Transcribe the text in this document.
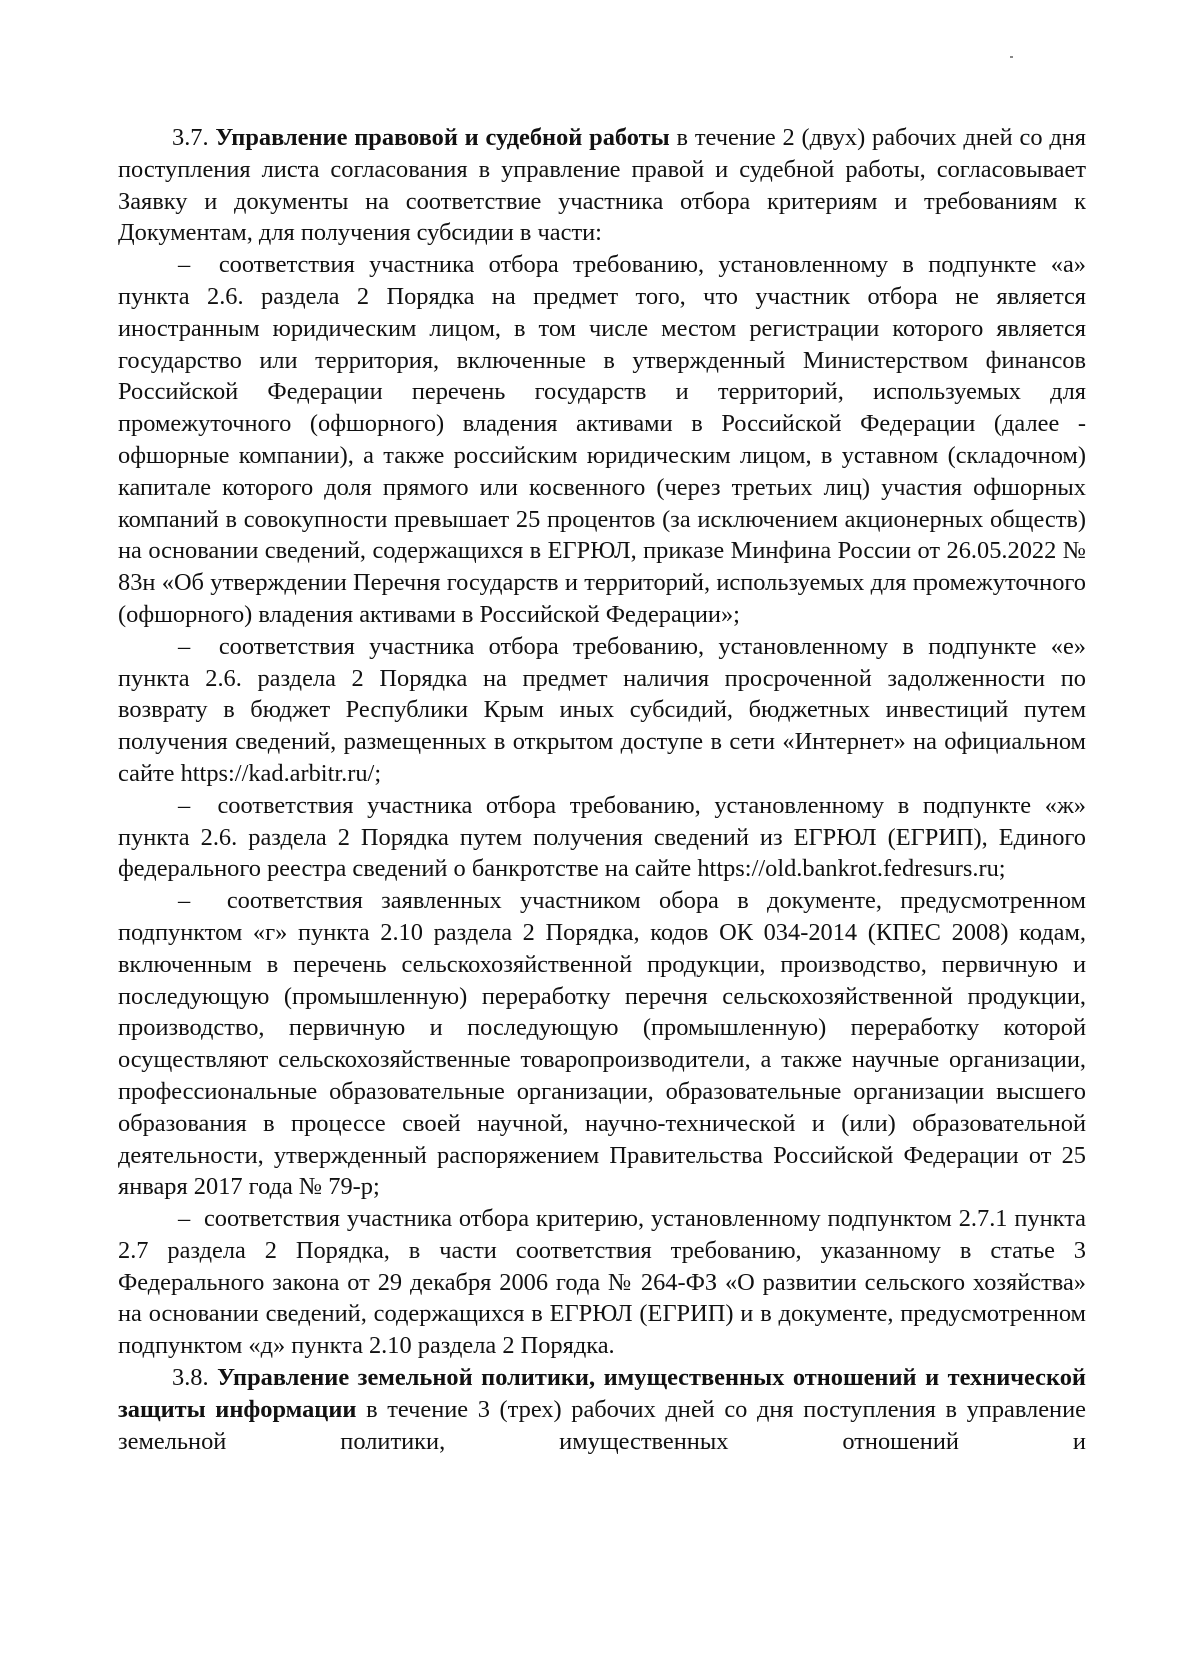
3.7. Управление правовой и судебной работы в течение 2 (двух) рабочих дней со дня поступления листа согласования в управление правой и судебной работы, согласовывает Заявку и документы на соответствие участника отбора критериям и требованиям к Документам, для получения субсидии в части:

– соответствия участника отбора требованию, установленному в подпункте «а» пункта 2.6. раздела 2 Порядка на предмет того, что участник отбора не является иностранным юридическим лицом, в том числе местом регистрации которого является государство или территория, включенные в утвержденный Министерством финансов Российской Федерации перечень государств и территорий, используемых для промежуточного (офшорного) владения активами в Российской Федерации (далее - офшорные компании), а также российским юридическим лицом, в уставном (складочном) капитале которого доля прямого или косвенного (через третьих лиц) участия офшорных компаний в совокупности превышает 25 процентов (за исключением акционерных обществ) на основании сведений, содержащихся в ЕГРЮЛ, приказе Минфина России от 26.05.2022 № 83н «Об утверждении Перечня государств и территорий, используемых для промежуточного (офшорного) владения активами в Российской Федерации»;

– соответствия участника отбора требованию, установленному в подпункте «е» пункта 2.6. раздела 2 Порядка на предмет наличия просроченной задолженности по возврату в бюджет Республики Крым иных субсидий, бюджетных инвестиций путем получения сведений, размещенных в открытом доступе в сети «Интернет» на официальном сайте https://kad.arbitr.ru/;

– соответствия участника отбора требованию, установленному в подпункте «ж» пункта 2.6. раздела 2 Порядка путем получения сведений из ЕГРЮЛ (ЕГРИП), Единого федерального реестра сведений о банкротстве на сайте https://old.bankrot.fedresurs.ru;

– соответствия заявленных участником обора в документе, предусмотренном подпунктом «г» пункта 2.10 раздела 2 Порядка, кодов ОК 034-2014 (КПЕС 2008) кодам, включенным в перечень сельскохозяйственной продукции, производство, первичную и последующую (промышленную) переработку перечня сельскохозяйственной продукции, производство, первичную и последующую (промышленную) переработку которой осуществляют сельскохозяйственные товаропроизводители, а также научные организации, профессиональные образовательные организации, образовательные организации высшего образования в процессе своей научной, научно-технической и (или) образовательной деятельности, утвержденный распоряжением Правительства Российской Федерации от 25 января 2017 года № 79-р;

– соответствия участника отбора критерию, установленному подпунктом 2.7.1 пункта 2.7 раздела 2 Порядка, в части соответствия требованию, указанному в статье 3 Федерального закона от 29 декабря 2006 года № 264-ФЗ «О развитии сельского хозяйства» на основании сведений, содержащихся в ЕГРЮЛ (ЕГРИП) и в документе, предусмотренном подпунктом «д» пункта 2.10 раздела 2 Порядка.

3.8. Управление земельной политики, имущественных отношений и технической защиты информации в течение 3 (трех) рабочих дней со дня поступления в управление земельной политики, имущественных отношений и
